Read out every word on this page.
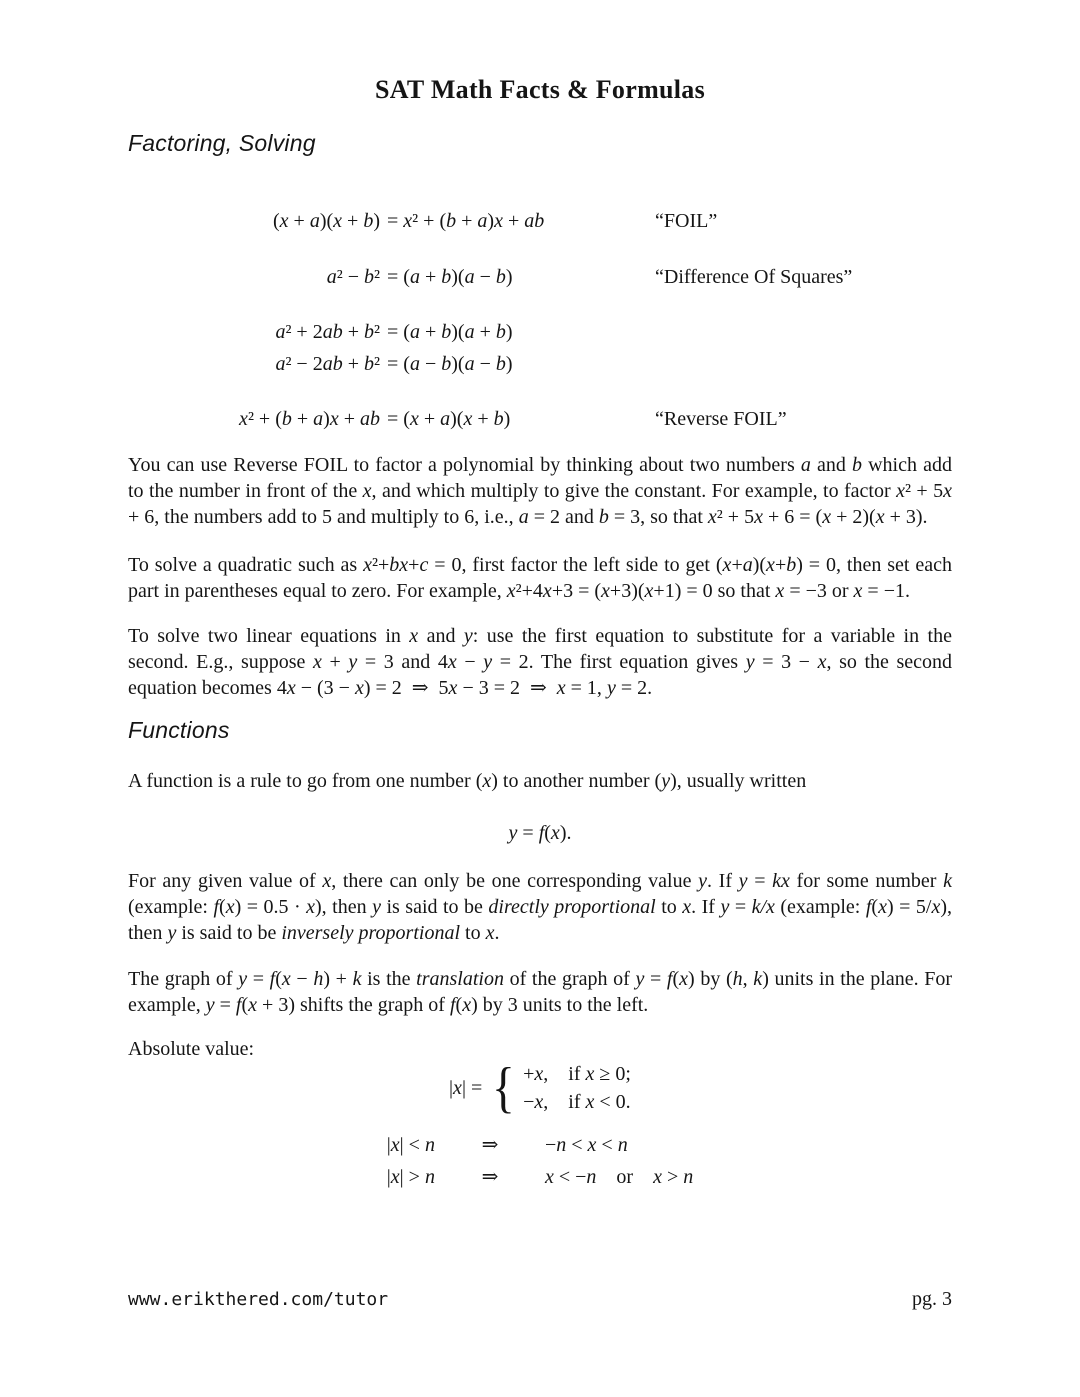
SAT Math Facts & Formulas
Factoring, Solving
(x + a)(x + b) = x² + (b + a)x + ab	“FOIL”
a² − b² = (a + b)(a − b)	“Difference Of Squares”
a² + 2ab + b² = (a + b)(a + b)
a² − 2ab + b² = (a − b)(a − b)
x² + (b + a)x + ab = (x + a)(x + b)	“Reverse FOIL”

You can use Reverse FOIL to factor a polynomial by thinking about two numbers a and b which add to the number in front of the x, and which multiply to give the constant. For example, to factor x² + 5x + 6, the numbers add to 5 and multiply to 6, i.e., a = 2 and b = 3, so that x² + 5x + 6 = (x + 2)(x + 3).

To solve a quadratic such as x²+bx+c = 0, first factor the left side to get (x+a)(x+b) = 0, then set each part in parentheses equal to zero. For example, x²+4x+3 = (x+3)(x+1) = 0 so that x = −3 or x = −1.

To solve two linear equations in x and y: use the first equation to substitute for a variable in the second. E.g., suppose x + y = 3 and 4x − y = 2. The first equation gives y = 3 − x, so the second equation becomes 4x − (3 − x) = 2 ⇒ 5x − 3 = 2 ⇒ x = 1, y = 2.

Functions

A function is a rule to go from one number (x) to another number (y), usually written

y = f(x).

For any given value of x, there can only be one corresponding value y. If y = kx for some number k (example: f(x) = 0.5 · x), then y is said to be directly proportional to x. If y = k/x (example: f(x) = 5/x), then y is said to be inversely proportional to x.

The graph of y = f(x − h) + k is the translation of the graph of y = f(x) by (h, k) units in the plane. For example, y = f(x + 3) shifts the graph of f(x) by 3 units to the left.

Absolute value:

|x| = { +x, if x ≥ 0;
−x, if x < 0.
|x| < n	⇒	−n < x < n
|x| > n	⇒	x < −n or x > n
www.erikthered.com/tutor	pg. 3
